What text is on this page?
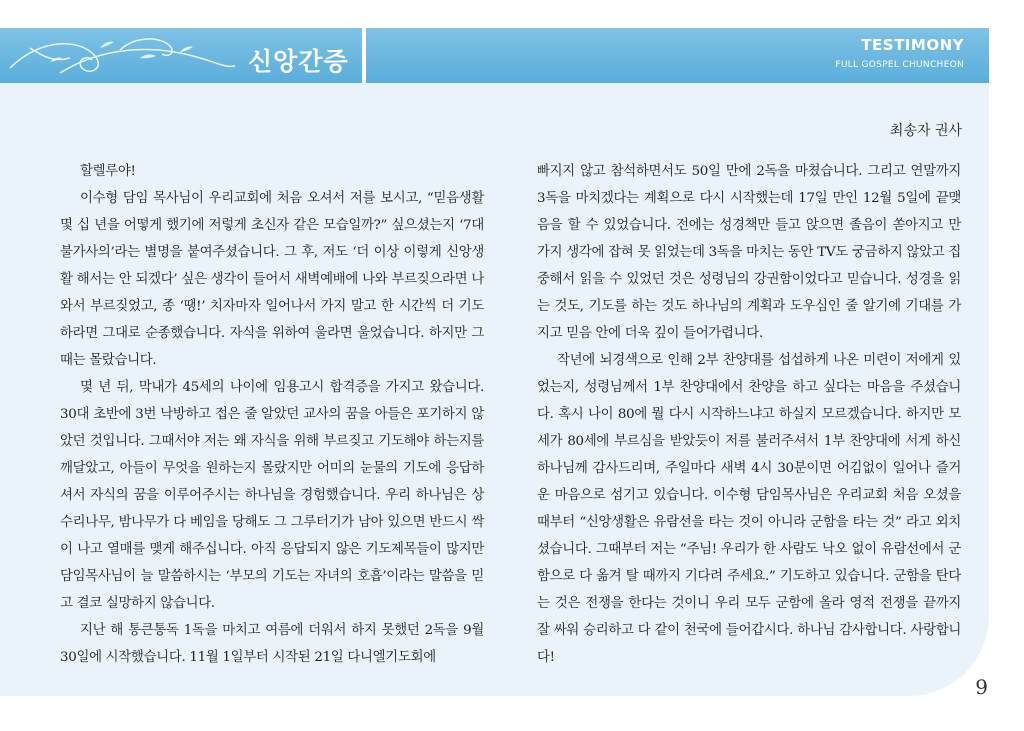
신앙간증
TESTIMONY
FULL GOSPEL CHUNCHEON
최송자 권사

할렐루야!

이수형 담임 목사님이 우리교회에 처음 오셔서 저를 보시고, “믿음생활 몇 십 년을 어떻게 했기에 저렇게 초신자 같은 모습일까?” 싶으셨는지 ‘7대 불가사의’라는 별명을 붙여주셨습니다. 그 후, 저도 ‘더 이상 이렇게 신앙생활 해서는 안 되겠다’ 싶은 생각이 들어서 새벽예배에 나와 부르짖으라면 나와서 부르짖었고, 종 ‘땡!’ 치자마자 일어나서 가지 말고 한 시간씩 더 기도하라면 그대로 순종했습니다. 자식을 위하여 울라면 울었습니다. 하지만 그때는 몰랐습니다.

몇 년 뒤, 막내가 45세의 나이에 임용고시 합격증을 가지고 왔습니다. 30대 초반에 3번 낙방하고 접은 줄 알았던 교사의 꿈을 아들은 포기하지 않았던 것입니다. 그때서야 저는 왜 자식을 위해 부르짖고 기도해야 하는지를 깨달았고, 아들이 무엇을 원하는지 몰랐지만 어미의 눈물의 기도에 응답하셔서 자식의 꿈을 이루어주시는 하나님을 경험했습니다. 우리 하나님은 상수리나무, 밤나무가 다 베임을 당해도 그 그루터기가 남아 있으면 반드시 싹이 나고 열매를 맺게 해주십니다. 아직 응답되지 않은 기도제목들이 많지만 담임목사님이 늘 말씀하시는 ‘부모의 기도는 자녀의 호흡’이라는 말씀을 믿고 결코 실망하지 않습니다.

지난 해 통큰통독 1독을 마치고 여름에 더워서 하지 못했던 2독을 9월 30일에 시작했습니다. 11월 1일부터 시작된 21일 다니엘기도회에

빠지지 않고 참석하면서도 50일 만에 2독을 마쳤습니다. 그리고 연말까지 3독을 마치겠다는 계획으로 다시 시작했는데 17일 만인 12월 5일에 끝맺음을 할 수 있었습니다. 전에는 성경책만 들고 앉으면 졸음이 쏟아지고 만 가지 생각에 잡혀 못 읽었는데 3독을 마치는 동안 TV도 궁금하지 않았고 집중해서 읽을 수 있었던 것은 성령님의 강권함이었다고 믿습니다. 성경을 읽는 것도, 기도를 하는 것도 하나님의 계획과 도우심인 줄 알기에 기대를 가지고 믿음 안에 더욱 깊이 들어가렵니다.

작년에 뇌경색으로 인해 2부 찬양대를 섭섭하게 나온 미련이 저에게 있었는지, 성령님께서 1부 찬양대에서 찬양을 하고 싶다는 마음을 주셨습니다. 혹시 나이 80에 뭘 다시 시작하느냐고 하실지 모르겠습니다. 하지만 모세가 80세에 부르심을 받았듯이 저를 불러주셔서 1부 찬양대에 서게 하신 하나님께 감사드리며, 주일마다 새벽 4시 30분이면 어김없이 일어나 즐거운 마음으로 섬기고 있습니다. 이수형 담임목사님은 우리교회 처음 오셨을 때부터 “신앙생활은 유람선을 타는 것이 아니라 군함을 타는 것” 라고 외치셨습니다. 그때부터 저는 “주님! 우리가 한 사람도 낙오 없이 유람선에서 군함으로 다 옮겨 탈 때까지 기다려 주세요.” 기도하고 있습니다. 군함을 탄다는 것은 전쟁을 한다는 것이니 우리 모두 군함에 올라 영적 전쟁을 끝까지 잘 싸워 승리하고 다 같이 천국에 들어갑시다. 하나님 감사합니다. 사랑합니다!

9
